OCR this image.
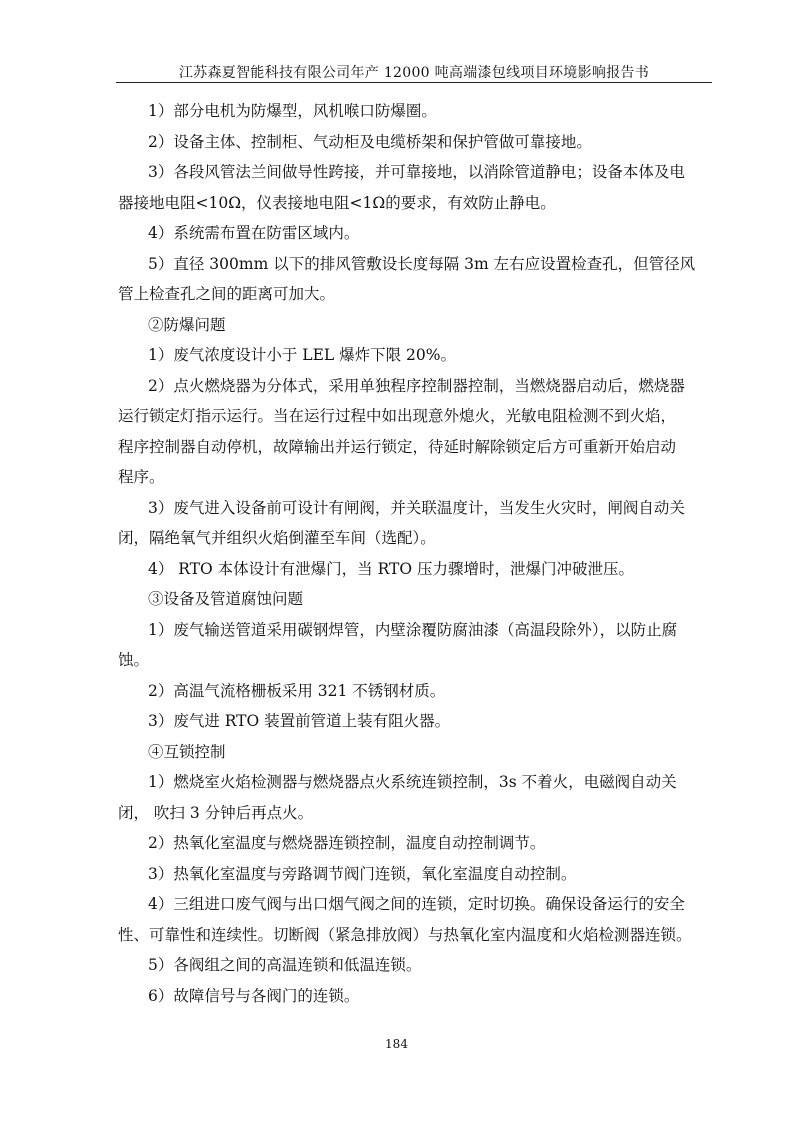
江苏森夏智能科技有限公司年产 12000 吨高端漆包线项目环境影响报告书
1）部分电机为防爆型，风机喉口防爆圈。
2）设备主体、控制柜、气动柜及电缆桥架和保护管做可靠接地。
3）各段风管法兰间做导性跨接，并可靠接地，以消除管道静电；设备本体及电
器接地电阻<10Ω，仪表接地电阻<1Ω的要求，有效防止静电。
4）系统需布置在防雷区域内。
5）直径 300mm 以下的排风管敷设长度每隔 3m 左右应设置检查孔，但管径风
管上检查孔之间的距离可加大。
②防爆问题
1）废气浓度设计小于 LEL 爆炸下限 20%。
2）点火燃烧器为分体式，采用单独程序控制器控制，当燃烧器启动后，燃烧器
运行锁定灯指示运行。当在运行过程中如出现意外熄火，光敏电阻检测不到火焰，
程序控制器自动停机，故障输出并运行锁定，待延时解除锁定后方可重新开始启动
程序。
3）废气进入设备前可设计有闸阀，并关联温度计，当发生火灾时，闸阀自动关
闭，隔绝氧气并组织火焰倒灌至车间（选配）。
4） RTO 本体设计有泄爆门，当 RTO 压力骤增时，泄爆门冲破泄压。
③设备及管道腐蚀问题
1）废气输送管道采用碳钢焊管，内壁涂覆防腐油漆（高温段除外），以防止腐
蚀。
2）高温气流格栅板采用 321 不锈钢材质。
3）废气进 RTO 装置前管道上装有阻火器。
④互锁控制
1）燃烧室火焰检测器与燃烧器点火系统连锁控制，3s 不着火，电磁阀自动关
闭， 吹扫 3 分钟后再点火。
2）热氧化室温度与燃烧器连锁控制，温度自动控制调节。
3）热氧化室温度与旁路调节阀门连锁，氧化室温度自动控制。
4）三组进口废气阀与出口烟气阀之间的连锁，定时切换。确保设备运行的安全
性、可靠性和连续性。切断阀（紧急排放阀）与热氧化室内温度和火焰检测器连锁。
5）各阀组之间的高温连锁和低温连锁。
6）故障信号与各阀门的连锁。
184
